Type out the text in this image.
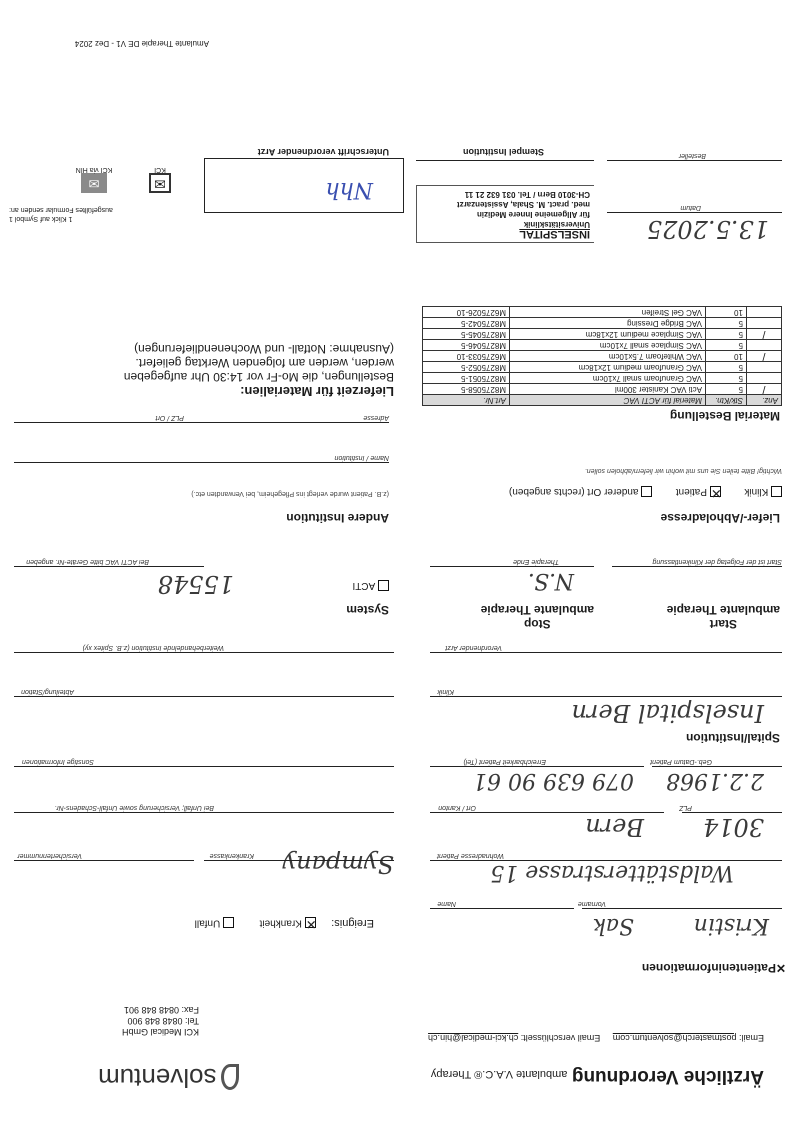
Ärztliche Verordnung ambulante V.A.C.® Therapy
solventum
Email: postmasterch@solventum.com Email verschlüsselt: ch.kci-medical@hin.ch
KCI Medical GmbH
Tel: 0848 848 900
Fax: 0848 848 901
✕Patienteninformationen
Ereignis:  ✕ Krankheit   Unfall	Sak	Kristin
Name	Vorname
Waldstätterstrasse 15
Sympany	Wohnadresse Patient
Krankenkasse
Versichertennummer
3014
Bern
PLZ
Ort / Kanton
Bei Unfall; Versicherung sowie Unfall-Schadens-Nr.
2.2.1968
079 639 90 61
Geb.-Datum Patient
Erreichbarkeit Patient (Tel)
Sonstige Informationen
Spital/Institution
Inselspital Bern
Klinik
Abteilung/Station
Verordnender Arzt
Weiterbehandelnde Institution (z.B. Spitex xy)
Start
ambulante Therapie
Stop
ambulante Therapie
System
N.S.
Start ist der Folgetag der Klinikentlassung
Therapie Ende
ACTI
15548
Bei ACTI VAC bitte Geräte-Nr. angeben
Liefer-/Abholadresse
Andere Institution
Klinik  ✕ Patient   anderer Ort (rechts angeben)
(z.B. Patient wurde verlegt ins Pflegeheim, bei Verwandten etc.)
Wichtig! Bitte teilen Sie uns mit wohin wir liefern/abholen sollen.
Name / Institution
Adresse
PLZ / Ort	Material Bestellung
Anz.	Stk/Ktn.	Material für ACTI VAC	Art.Nr.
/	5	Acti VAC Kanister 300ml	M8275058-5
	5	VAC Granufoam small 7x10cm	M8275051-5
	5	VAC Granufoam medium 12x18cm	M8275052-5
/	10	VAC Whitefoam 7.5x10cm	M6275033-10
	5	VAC Simplace small 7x10cm	M8275046-5
/	5	VAC Simplace medium 12x18cm	M8275045-5
	5	VAC Bridge Dressing	M8275042-5
	10	VAC Gel Streifen	M6275026-10
Lieferzeit für Materialien:
Bestellungen, die Mo-Fr vor 14:30 Uhr aufgegeben
werden, werden am folgenden Werktag geliefert.
(Ausnahme: Notfall- und Wochenendlieferungen)
13.5.2025
Datum
Besteller
INSELSPITAL
Universitätsklinik
für Allgemeine Innere Medizin
med. pract. M. Shala, Assistenzarzt
CH-3010 Bern / Tel. 031 632 21 11
Stempel Institution
Nhh
Unterschrift verordnender Arzt
1 Klick auf Symbol 1
ausgefülltes Formular senden an:
✉
KCI
✉
KCI via HIN
Amulante Therapie DE V1 - Dez 2024
